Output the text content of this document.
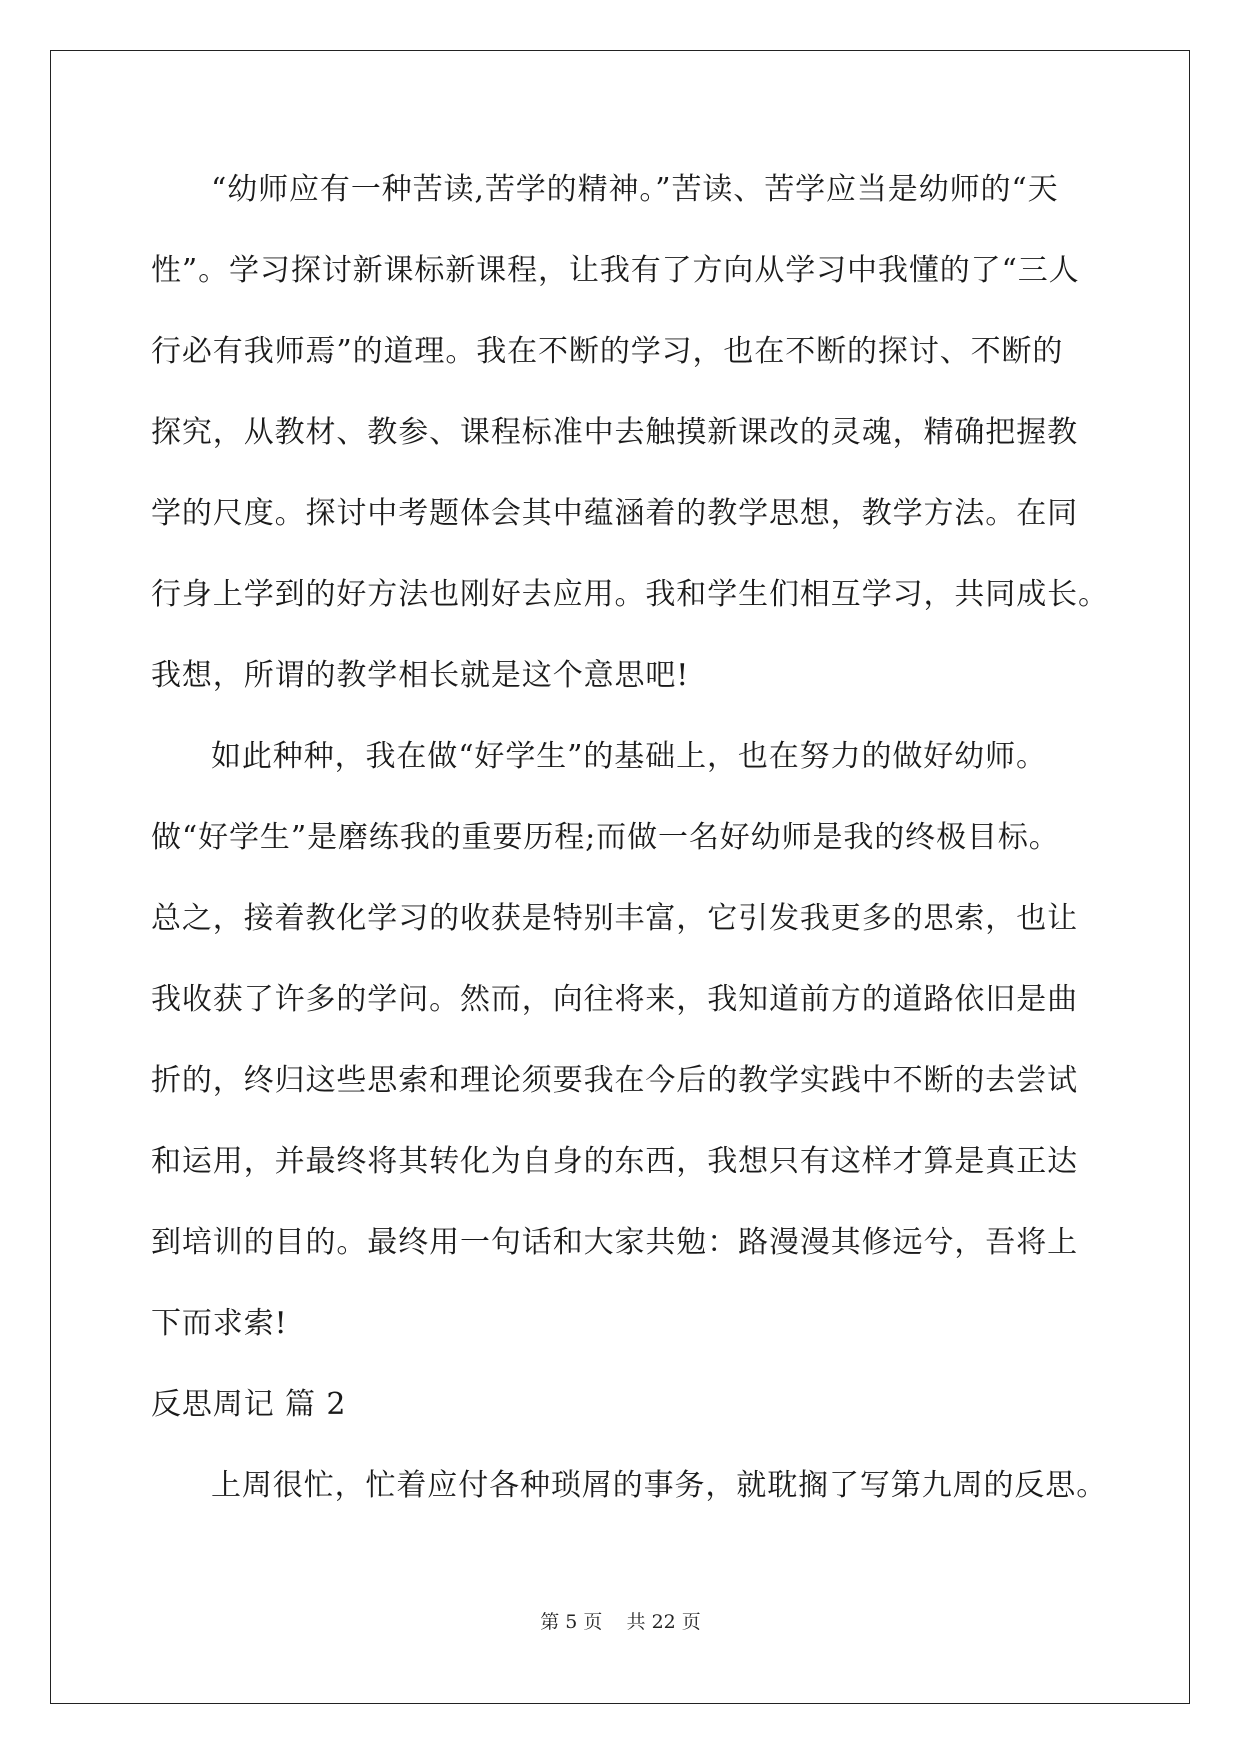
“幼师应有一种苦读,苦学的精神。”苦读、苦学应当是幼师的“天
性”。学习探讨新课标新课程，让我有了方向从学习中我懂的了“三人
行必有我师焉”的道理。我在不断的学习，也在不断的探讨、不断的
探究，从教材、教参、课程标准中去触摸新课改的灵魂，精确把握教
学的尺度。探讨中考题体会其中蕴涵着的教学思想，教学方法。在同
行身上学到的好方法也刚好去应用。我和学生们相互学习，共同成长。
我想，所谓的教学相长就是这个意思吧!
如此种种，我在做“好学生”的基础上，也在努力的做好幼师。
做“好学生”是磨练我的重要历程;而做一名好幼师是我的终极目标。
总之，接着教化学习的收获是特别丰富，它引发我更多的思索，也让
我收获了许多的学问。然而，向往将来，我知道前方的道路依旧是曲
折的，终归这些思索和理论须要我在今后的教学实践中不断的去尝试
和运用，并最终将其转化为自身的东西，我想只有这样才算是真正达
到培训的目的。最终用一句话和大家共勉：路漫漫其修远兮，吾将上
下而求索!
反思周记 篇 2
上周很忙，忙着应付各种琐屑的事务，就耽搁了写第九周的反思。
第 5 页    共 22 页
